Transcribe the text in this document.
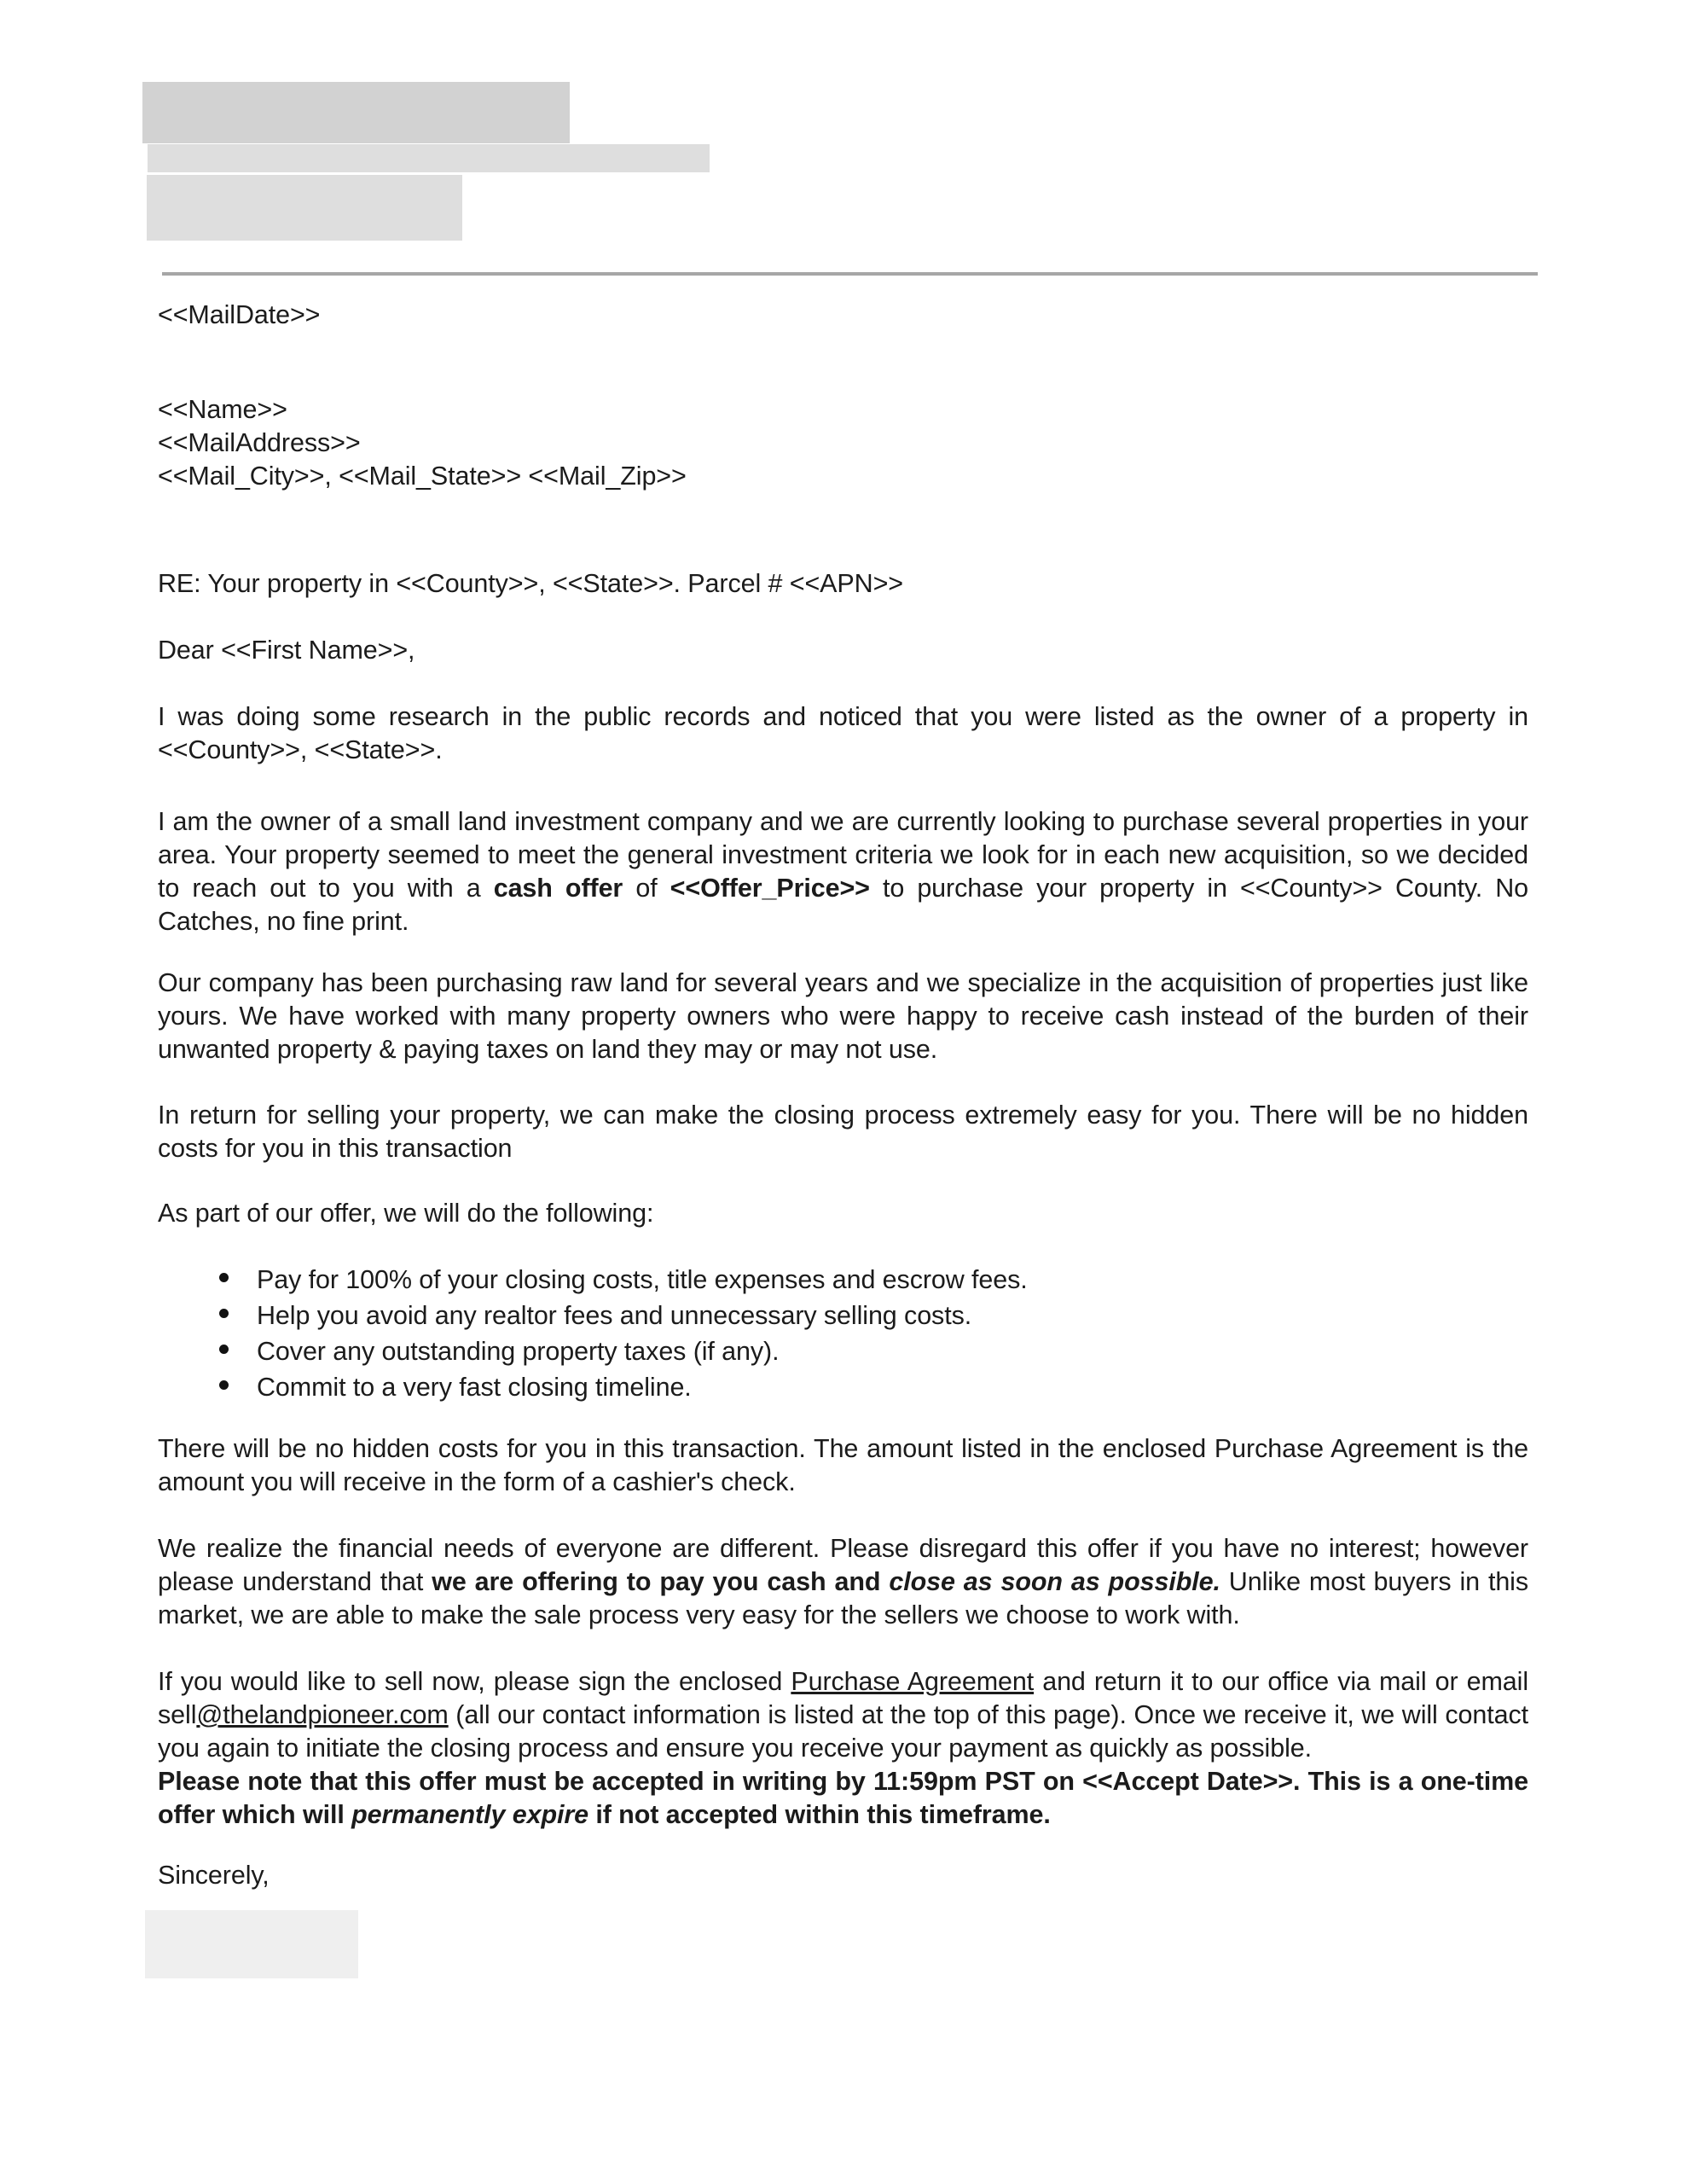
<<MailDate>>
<<Name>>
<<MailAddress>>
<<Mail_City>>, <<Mail_State>> <<Mail_Zip>>
RE: Your property in <<County>>, <<State>>. Parcel # <<APN>>
Dear <<First Name>>,

I was doing some research in the public records and noticed that you were listed as the owner of a property in <<County>>, <<State>>.

I am the owner of a small land investment company and we are currently looking to purchase several properties in your area. Your property seemed to meet the general investment criteria we look for in each new acquisition, so we decided to reach out to you with a cash offer of <<Offer_Price>> to purchase your property in <<County>> County. No Catches, no fine print.

Our company has been purchasing raw land for several years and we specialize in the acquisition of properties just like yours. We have worked with many property owners who were happy to receive cash instead of the burden of their unwanted property & paying taxes on land they may or may not use.

In return for selling your property, we can make the closing process extremely easy for you. There will be no hidden costs for you in this transaction

As part of our offer, we will do the following:

Pay for 100% of your closing costs, title expenses and escrow fees.
Help you avoid any realtor fees and unnecessary selling costs.
Cover any outstanding property taxes (if any).
Commit to a very fast closing timeline.

There will be no hidden costs for you in this transaction. The amount listed in the enclosed Purchase Agreement is the amount you will receive in the form of a cashier's check.

We realize the financial needs of everyone are different. Please disregard this offer if you have no interest; however please understand that we are offering to pay you cash and close as soon as possible. Unlike most buyers in this market, we are able to make the sale process very easy for the sellers we choose to work with.

If you would like to sell now, please sign the enclosed Purchase Agreement and return it to our office via mail or email sell@thelandpioneer.com (all our contact information is listed at the top of this page). Once we receive it, we will contact you again to initiate the closing process and ensure you receive your payment as quickly as possible.

Please note that this offer must be accepted in writing by 11:59pm PST on <<Accept Date>>. This is a one-time offer which will permanently expire if not accepted within this timeframe.

Sincerely,
